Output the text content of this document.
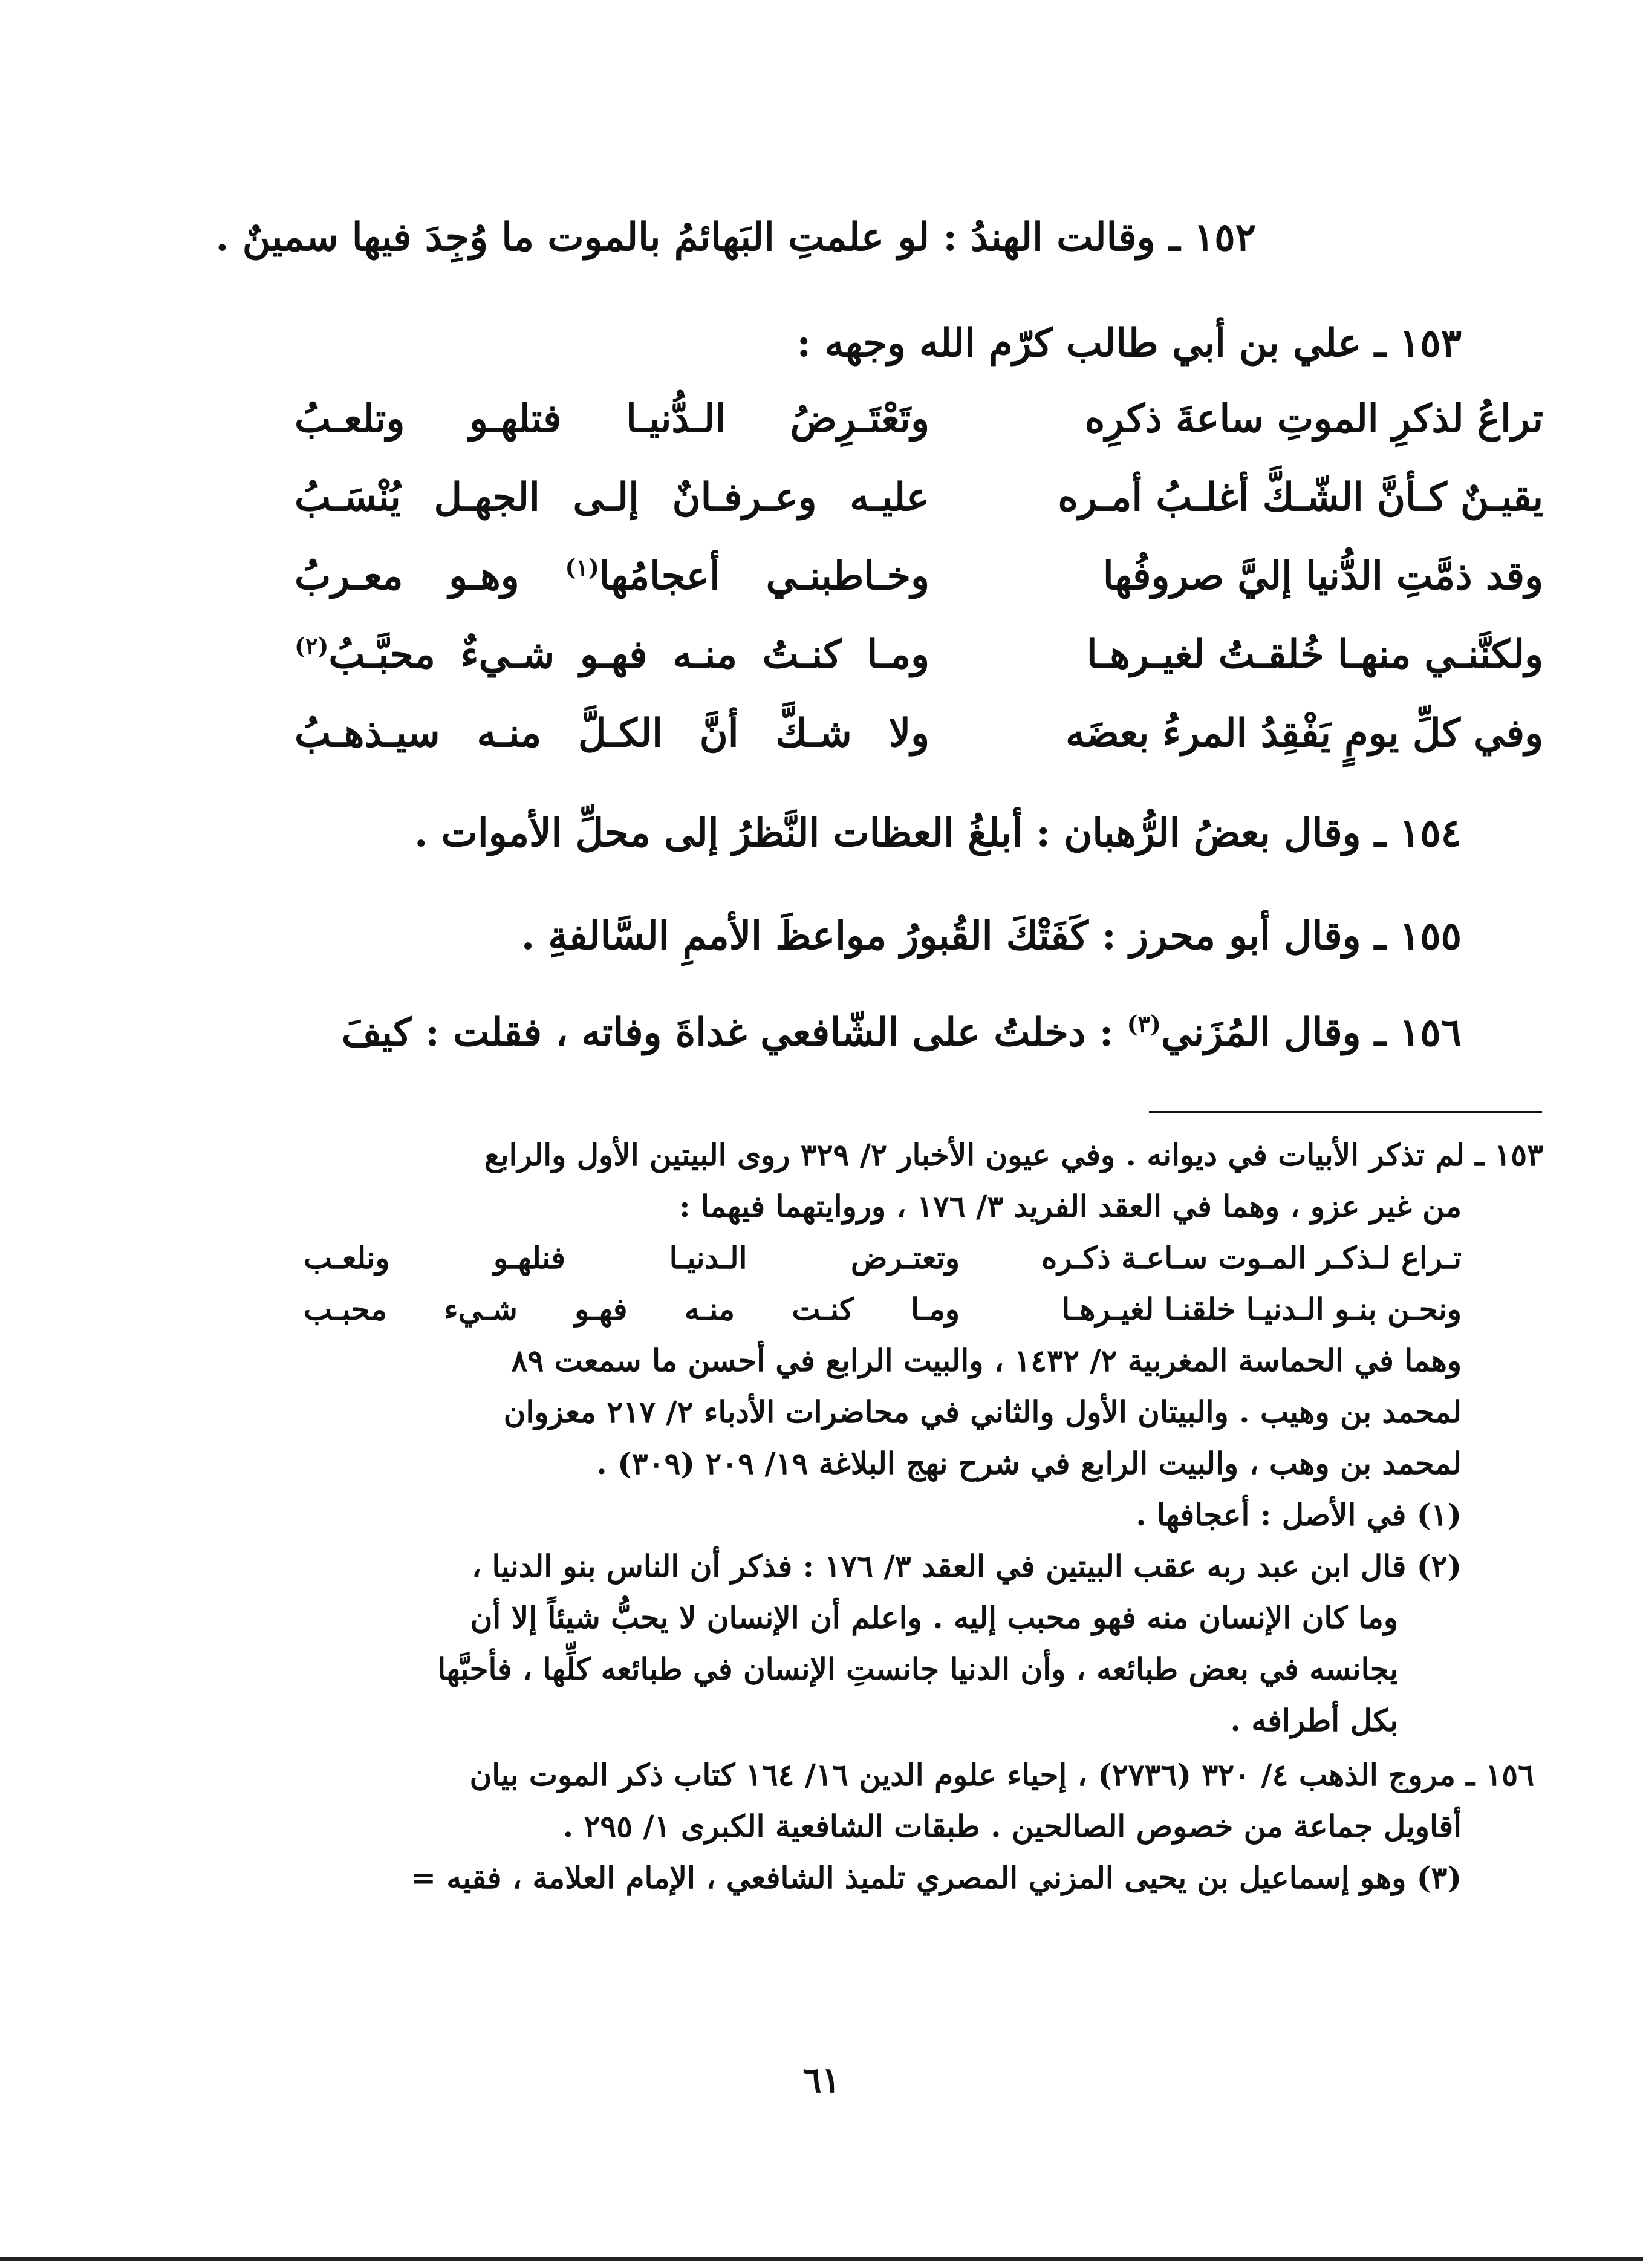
١٥٢ ـ وقالت الهندُ : لو علمتِ البَهائمُ بالموت ما وُجِدَ فيها سمينٌ .
١٥٣ ـ علي بن أبي طالب كرّم الله وجهه :
تراعُ لذكرِ الموتِ ساعةَ ذكرِه
وتَعْتَـرِضُ الـدُّنيـا فتلهـو وتلعـبُ
يقيـنٌ كـأنَّ الشّـكَّ أغلـبُ أمـره
عليـه وعـرفـانٌ إلـى الجهـل يُنْسَـبُ
وقد ذمَّتِ الدُّنيا إليَّ صروفُها
وخـاطبنـي أعجامُها$^{(١)}$ وهـو معـربُ
ولكنَّنـي منهـا خُلقـتُ لغيـرهـا
ومـا كنـتُ منـه فهـو شـيءٌ محبَّـبُ$^{(٢)}$
وفي كلِّ يومٍ يَفْقِدُ المرءُ بعضَه
ولا شـكَّ أنَّ الكـلَّ منـه سيـذهـبُ
١٥٤ ـ وقال بعضُ الرُّهبان : أبلغُ العظات النَّظرُ إلى محلِّ الأموات .
١٥٥ ـ وقال أبو محرز : كَفَتْكَ القُبورُ مواعظَ الأممِ السَّالفةِ .
١٥٦ ـ وقال المُزَني$^{(٣)}$ : دخلتُ على الشّافعي غداةَ وفاته ، فقلت : كيفَ
١٥٣ ـ لم تذكر الأبيات في ديوانه . وفي عيون الأخبار ٢/ ٣٢٩ روى البيتين الأول والرابع
من غير عزو ، وهما في العقد الفريد ٣/ ١٧٦ ، وروايتهما فيهما :
تـراع لـذكـر المـوت سـاعـة ذكـره
وتعتـرض الـدنيـا فنلهـو ونلعـب
ونحـن بنـو الـدنيـا خلقنـا لغيـرهـا
ومـا كنـت منـه فهـو شـيء محبـب
وهما في الحماسة المغربية ٢/ ١٤٣٢ ، والبيت الرابع في أحسن ما سمعت ٨٩
لمحمد بن وهيب . والبيتان الأول والثاني في محاضرات الأدباء ٢/ ٢١٧ معزوان
لمحمد بن وهب ، والبيت الرابع في شرح نهج البلاغة ١٩/ ٢٠٩ (٣٠٩) .
(١) في الأصل : أعجافها .
(٢) قال ابن عبد ربه عقب البيتين في العقد ٣/ ١٧٦ : فذكر أن الناس بنو الدنيا ،
وما كان الإنسان منه فهو محبب إليه . واعلم أن الإنسان لا يحبُّ شيئاً إلا أن
يجانسه في بعض طبائعه ، وأن الدنيا جانستِ الإنسان في طبائعه كلِّها ، فأحبَّها
بكل أطرافه .
١٥٦ ـ مروج الذهب ٤/ ٣٢٠ (٢٧٣٦) ، إحياء علوم الدين ١٦/ ١٦٤ كتاب ذكر الموت بيان
أقاويل جماعة من خصوص الصالحين . طبقات الشافعية الكبرى ١/ ٢٩٥ .
(٣) وهو إسماعيل بن يحيى المزني المصري تلميذ الشافعي ، الإمام العلامة ، فقيه =
٦١
